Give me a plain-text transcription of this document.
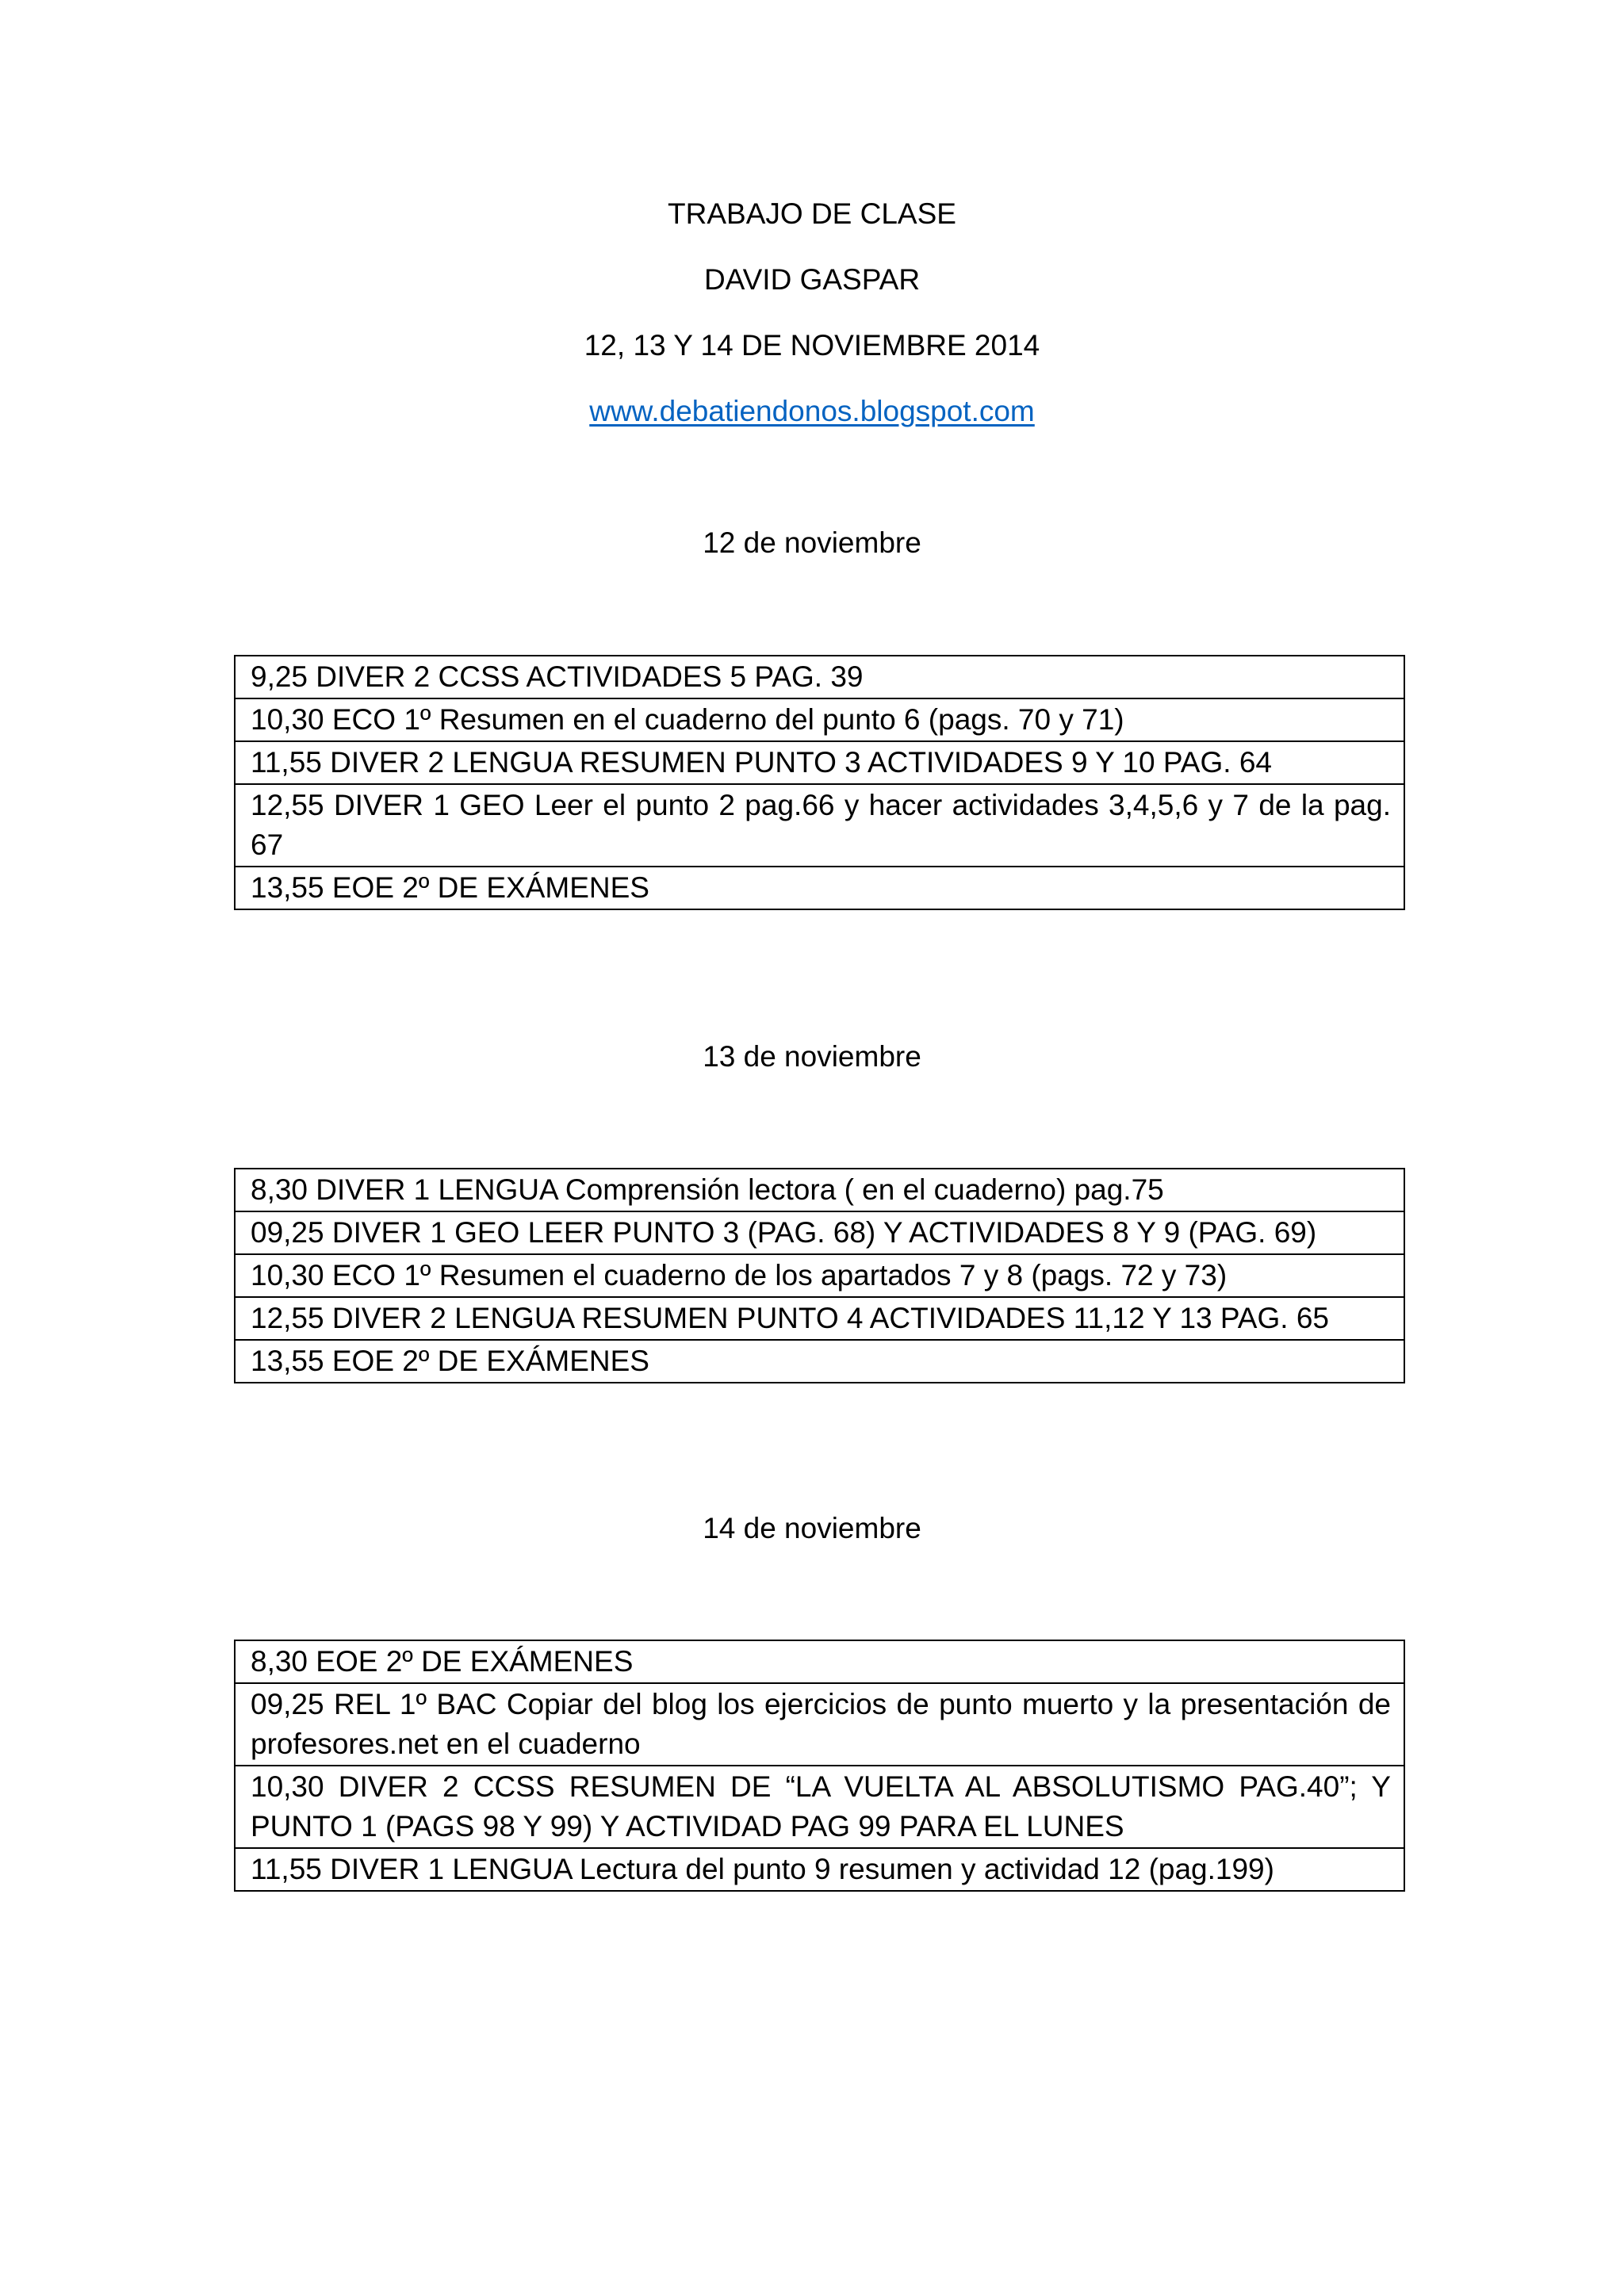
TRABAJO DE CLASE
DAVID GASPAR
12, 13 Y 14 DE NOVIEMBRE 2014
www.debatiendonos.blogspot.com
12 de noviembre
9,25 DIVER 2 CCSS ACTIVIDADES 5 PAG. 39
10,30 ECO 1º Resumen en el cuaderno del punto 6 (pags. 70 y 71)
11,55 DIVER 2 LENGUA RESUMEN PUNTO 3 ACTIVIDADES 9 Y 10 PAG. 64
12,55 DIVER 1 GEO Leer el punto 2 pag.66 y hacer actividades 3,4,5,6 y 7 de la pag. 67
13,55 EOE 2º DE EXÁMENES
13 de noviembre
8,30 DIVER 1 LENGUA Comprensión lectora ( en el cuaderno) pag.75
09,25 DIVER 1 GEO LEER PUNTO 3 (PAG. 68) Y ACTIVIDADES 8 Y 9 (PAG. 69)
10,30 ECO 1º Resumen el cuaderno de los apartados 7 y 8 (pags. 72 y 73)
12,55 DIVER 2 LENGUA RESUMEN PUNTO 4 ACTIVIDADES 11,12 Y 13 PAG. 65
13,55 EOE 2º DE EXÁMENES
14 de noviembre
8,30 EOE 2º DE EXÁMENES
09,25 REL 1º BAC Copiar del blog los ejercicios de punto muerto y la presentación de profesores.net en el cuaderno
10,30 DIVER 2 CCSS RESUMEN DE “LA VUELTA AL ABSOLUTISMO PAG.40”; Y PUNTO 1 (PAGS 98 Y 99) Y ACTIVIDAD PAG 99 PARA EL LUNES
11,55 DIVER 1 LENGUA Lectura del punto 9 resumen y actividad 12 (pag.199)
